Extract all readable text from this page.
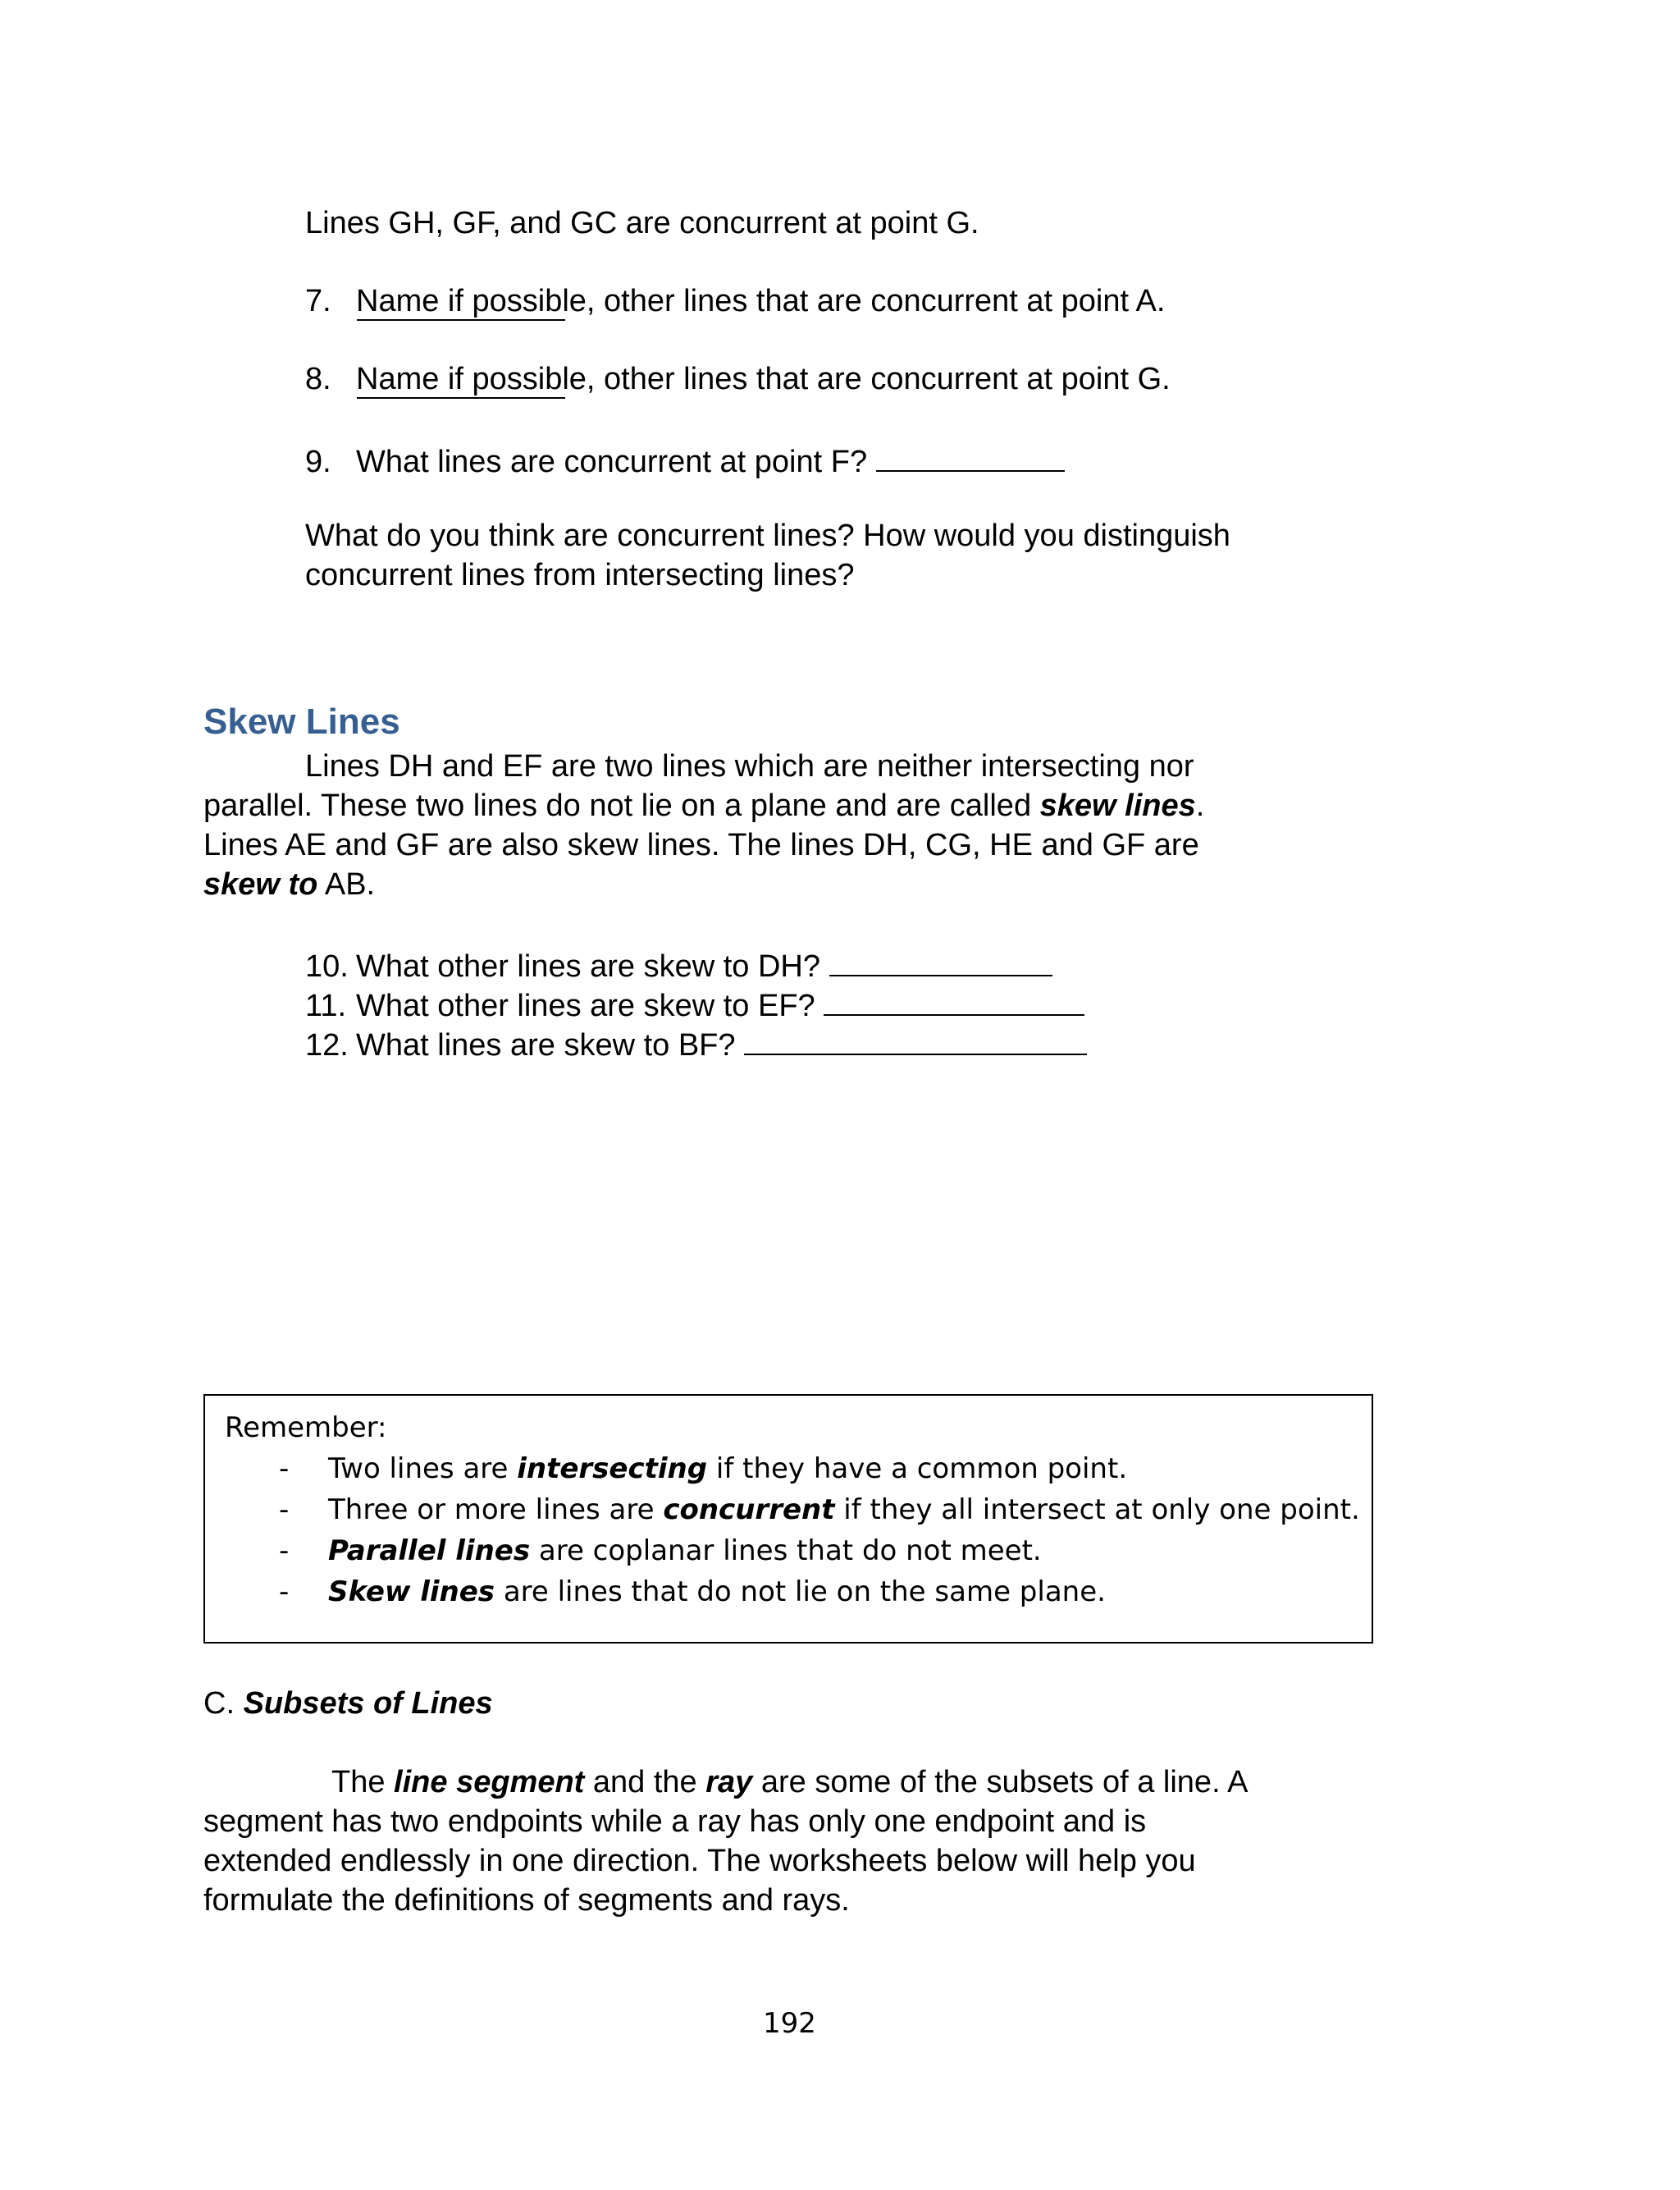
Lines GH, GF, and GC are concurrent at point G.

7. Name if possible, other lines that are concurrent at point A.
8. Name if possible, other lines that are concurrent at point G.
9. What lines are concurrent at point F?

What do you think are concurrent lines? How would you distinguish

concurrent lines from intersecting lines?

Skew Lines

Lines DH and EF are two lines which are neither intersecting nor

parallel. These two lines do not lie on a plane and are called skew lines.

Lines AE and GF are also skew lines. The lines DH, CG, HE and GF are

skew to AB.

10. What other lines are skew to DH?
11. What other lines are skew to EF?
12. What lines are skew to BF?
Remember:
- Two lines are intersecting if they have a common point.
- Three or more lines are concurrent if they all intersect at only one point.
- Parallel lines are coplanar lines that do not meet.
- Skew lines are lines that do not lie on the same plane.
C. Subsets of Lines

The line segment and the ray are some of the subsets of a line. A

segment has two endpoints while a ray has only one endpoint and is

extended endlessly in one direction. The worksheets below will help you

formulate the definitions of segments and rays.

192
